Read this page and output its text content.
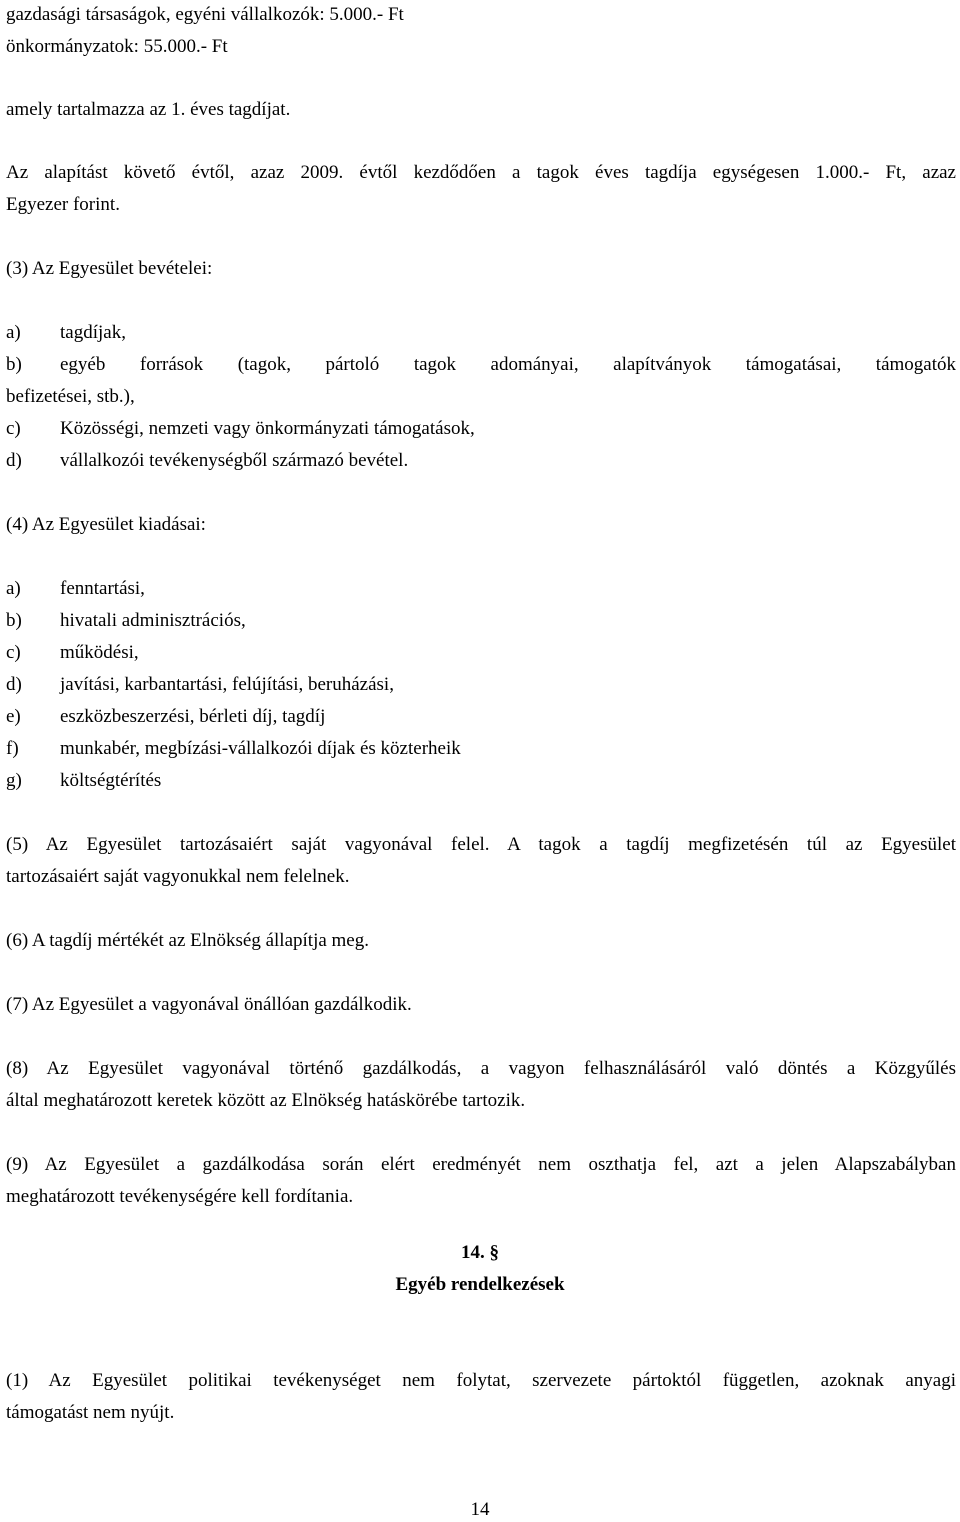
gazdasági társaságok, egyéni vállalkozók: 5.000.- Ft
önkormányzatok: 55.000.- Ft
amely tartalmazza az 1. éves tagdíjat.
Az alapítást követő évtől, azaz 2009. évtől kezdődően a tagok éves tagdíja egységesen 1.000.- Ft, azaz
Egyezer forint.
(3) Az Egyesület bevételei:
a) tagdíjak,
b) egyéb források (tagok, pártoló tagok adományai, alapítványok támogatásai, támogatók
befizetései, stb.),
c) Közösségi, nemzeti vagy önkormányzati támogatások,
d) vállalkozói tevékenységből származó bevétel.
(4) Az Egyesület kiadásai:
a) fenntartási,
b) hivatali adminisztrációs,
c) működési,
d) javítási, karbantartási, felújítási, beruházási,
e) eszközbeszerzési, bérleti díj, tagdíj
f) munkabér, megbízási-vállalkozói díjak és közterheik
g) költségtérítés
(5) Az Egyesület tartozásaiért saját vagyonával felel. A tagok a tagdíj megfizetésén túl az Egyesület
tartozásaiért saját vagyonukkal nem felelnek.
(6) A tagdíj mértékét az Elnökség állapítja meg.
(7) Az Egyesület a vagyonával önállóan gazdálkodik.
(8) Az Egyesület vagyonával történő gazdálkodás, a vagyon felhasználásáról való döntés a Közgyűlés
által meghatározott keretek között az Elnökség hatáskörébe tartozik.
(9) Az Egyesület a gazdálkodása során elért eredményét nem oszthatja fel, azt a jelen Alapszabályban
meghatározott tevékenységére kell fordítania.
14. §
Egyéb rendelkezések
(1) Az Egyesület politikai tevékenységet nem folytat, szervezete pártoktól független, azoknak anyagi
támogatást nem nyújt.
14
